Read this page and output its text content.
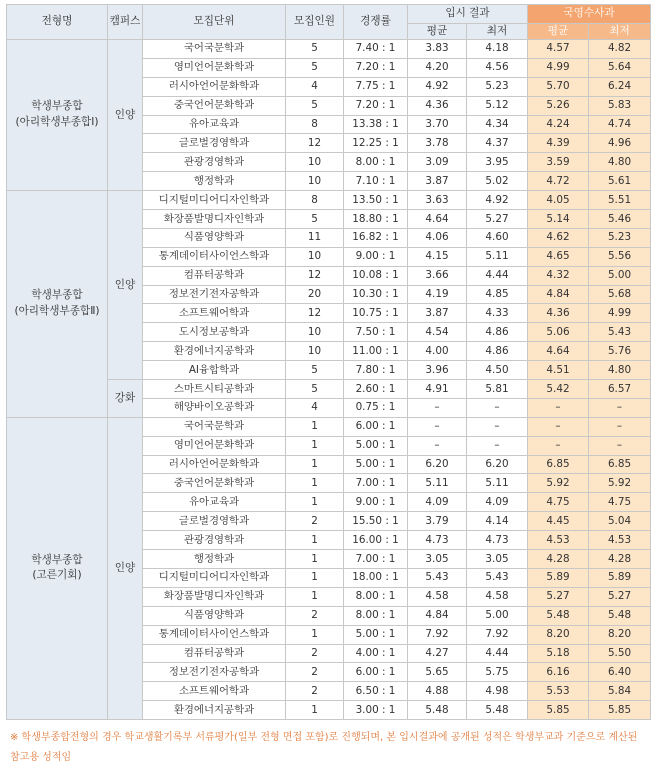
전형명	캠퍼스	모집단위	모집인원	경쟁률	입시 결과		국영수사과	
					평균	최저	평균	최저
학생부종합
(아리학생부종합Ⅰ)	인양	국어국문학과	5	7.40 : 1	3.83	4.18	4.57	4.82
		영미언어문화학과	5	7.20 : 1	4.20	4.56	4.99	5.64
		러시아언어문화학과	4	7.75 : 1	4.92	5.23	5.70	6.24
		중국언어문화학과	5	7.20 : 1	4.36	5.12	5.26	5.83
		유아교육과	8	13.38 : 1	3.70	4.34	4.24	4.74
		글로벌경영학과	12	12.25 : 1	3.78	4.37	4.39	4.96
		관광경영학과	10	8.00 : 1	3.09	3.95	3.59	4.80
		행정학과	10	7.10 : 1	3.87	5.02	4.72	5.61
학생부종합
(아리학생부종합Ⅱ)	인양	디지털미디어디자인학과	8	13.50 : 1	3.63	4.92	4.05	5.51
		화장품발명디자인학과	5	18.80 : 1	4.64	5.27	5.14	5.46
		식품영양학과	11	16.82 : 1	4.06	4.60	4.62	5.23
		통계데이터사이언스학과	10	9.00 : 1	4.15	5.11	4.65	5.56
		컴퓨터공학과	12	10.08 : 1	3.66	4.44	4.32	5.00
		정보전기전자공학과	20	10.30 : 1	4.19	4.85	4.84	5.68
		소프트웨어학과	12	10.75 : 1	3.87	4.33	4.36	4.99
		도시정보공학과	10	7.50 : 1	4.54	4.86	5.06	5.43
		환경에너지공학과	10	11.00 : 1	4.00	4.86	4.64	5.76
		AI융합학과	5	7.80 : 1	3.96	4.50	4.51	4.80
	강화	스마트시티공학과	5	2.60 : 1	4.91	5.81	5.42	6.57
		해양바이오공학과	4	0.75 : 1	–	–	–	–
학생부종합
(고른기회)	인양	국어국문학과	1	6.00 : 1	–	–	–	–
		영미언어문화학과	1	5.00 : 1	–	–	–	–
		러시아언어문화학과	1	5.00 : 1	6.20	6.20	6.85	6.85
		중국언어문화학과	1	7.00 : 1	5.11	5.11	5.92	5.92
		유아교육과	1	9.00 : 1	4.09	4.09	4.75	4.75
		글로벌경영학과	2	15.50 : 1	3.79	4.14	4.45	5.04
		관광경영학과	1	16.00 : 1	4.73	4.73	4.53	4.53
		행정학과	1	7.00 : 1	3.05	3.05	4.28	4.28
		디지털미디어디자인학과	1	18.00 : 1	5.43	5.43	5.89	5.89
		화장품발명디자인학과	1	8.00 : 1	4.58	4.58	5.27	5.27
		식품영양학과	2	8.00 : 1	4.84	5.00	5.48	5.48
		통계데이터사이언스학과	1	5.00 : 1	7.92	7.92	8.20	8.20
		컴퓨터공학과	2	4.00 : 1	4.27	4.44	5.18	5.50
		정보전기전자공학과	2	6.00 : 1	5.65	5.75	6.16	6.40
		소프트웨어학과	2	6.50 : 1	4.88	4.98	5.53	5.84
		환경에너지공학과	1	3.00 : 1	5.48	5.48	5.85	5.85
※ 학생부종합전형의 경우 학교생활기록부 서류평가(일부 전형 면접 포함)로 진행되며, 본 입시결과에 공개된 성적은 학생부교과 기준으로 계산된 참고용 성적임
